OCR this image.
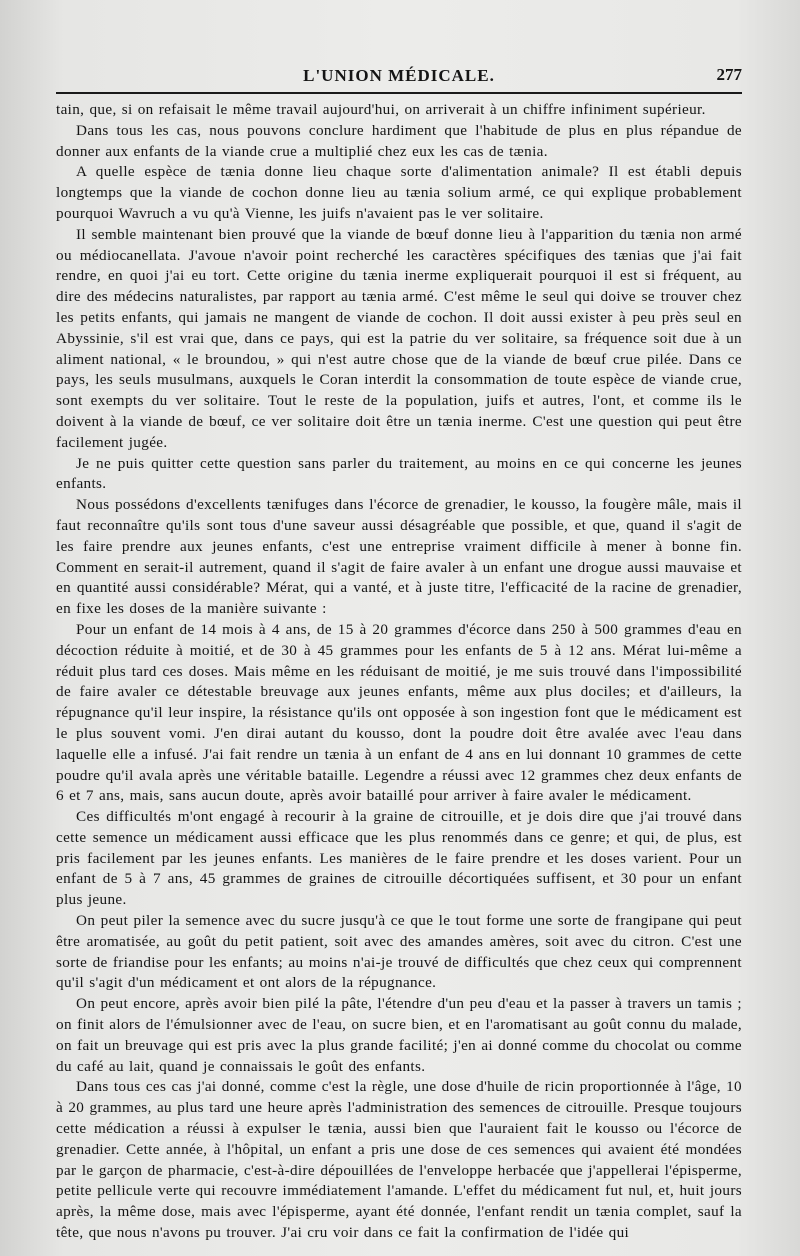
L'UNION MÉDICALE.	277

tain, que, si on refaisait le même travail aujourd'hui, on arriverait à un chiffre infiniment supérieur.

Dans tous les cas, nous pouvons conclure hardiment que l'habitude de plus en plus répandue de donner aux enfants de la viande crue a multiplié chez eux les cas de tænia.

A quelle espèce de tænia donne lieu chaque sorte d'alimentation animale? Il est établi depuis longtemps que la viande de cochon donne lieu au tænia solium armé, ce qui explique probablement pourquoi Wavruch a vu qu'à Vienne, les juifs n'avaient pas le ver solitaire.

Il semble maintenant bien prouvé que la viande de bœuf donne lieu à l'apparition du tænia non armé ou médiocanellata. J'avoue n'avoir point recherché les caractères spécifiques des tænias que j'ai fait rendre, en quoi j'ai eu tort. Cette origine du tænia inerme expliquerait pourquoi il est si fréquent, au dire des médecins naturalistes, par rapport au tænia armé. C'est même le seul qui doive se trouver chez les petits enfants, qui jamais ne mangent de viande de cochon. Il doit aussi exister à peu près seul en Abyssinie, s'il est vrai que, dans ce pays, qui est la patrie du ver solitaire, sa fréquence soit due à un aliment national, « le broundou, » qui n'est autre chose que de la viande de bœuf crue pilée. Dans ce pays, les seuls musulmans, auxquels le Coran interdit la consommation de toute espèce de viande crue, sont exempts du ver solitaire. Tout le reste de la population, juifs et autres, l'ont, et comme ils le doivent à la viande de bœuf, ce ver solitaire doit être un tænia inerme. C'est une question qui peut être facilement jugée.

Je ne puis quitter cette question sans parler du traitement, au moins en ce qui concerne les jeunes enfants.

Nous possédons d'excellents tænifuges dans l'écorce de grenadier, le kousso, la fougère mâle, mais il faut reconnaître qu'ils sont tous d'une saveur aussi désagréable que possible, et que, quand il s'agit de les faire prendre aux jeunes enfants, c'est une entreprise vraiment difficile à mener à bonne fin. Comment en serait-il autrement, quand il s'agit de faire avaler à un enfant une drogue aussi mauvaise et en quantité aussi considérable? Mérat, qui a vanté, et à juste titre, l'efficacité de la racine de grenadier, en fixe les doses de la manière suivante :

Pour un enfant de 14 mois à 4 ans, de 15 à 20 grammes d'écorce dans 250 à 500 grammes d'eau en décoction réduite à moitié, et de 30 à 45 grammes pour les enfants de 5 à 12 ans. Mérat lui-même a réduit plus tard ces doses. Mais même en les réduisant de moitié, je me suis trouvé dans l'impossibilité de faire avaler ce détestable breuvage aux jeunes enfants, même aux plus dociles; et d'ailleurs, la répugnance qu'il leur inspire, la résistance qu'ils ont opposée à son ingestion font que le médicament est le plus souvent vomi. J'en dirai autant du kousso, dont la poudre doit être avalée avec l'eau dans laquelle elle a infusé. J'ai fait rendre un tænia à un enfant de 4 ans en lui donnant 10 grammes de cette poudre qu'il avala après une véritable bataille. Legendre a réussi avec 12 grammes chez deux enfants de 6 et 7 ans, mais, sans aucun doute, après avoir bataillé pour arriver à faire avaler le médicament.

Ces difficultés m'ont engagé à recourir à la graine de citrouille, et je dois dire que j'ai trouvé dans cette semence un médicament aussi efficace que les plus renommés dans ce genre; et qui, de plus, est pris facilement par les jeunes enfants. Les manières de le faire prendre et les doses varient. Pour un enfant de 5 à 7 ans, 45 grammes de graines de citrouille décortiquées suffisent, et 30 pour un enfant plus jeune.

On peut piler la semence avec du sucre jusqu'à ce que le tout forme une sorte de frangipane qui peut être aromatisée, au goût du petit patient, soit avec des amandes amères, soit avec du citron. C'est une sorte de friandise pour les enfants; au moins n'ai-je trouvé de difficultés que chez ceux qui comprennent qu'il s'agit d'un médicament et ont alors de la répugnance.

On peut encore, après avoir bien pilé la pâte, l'étendre d'un peu d'eau et la passer à travers un tamis ; on finit alors de l'émulsionner avec de l'eau, on sucre bien, et en l'aromatisant au goût connu du malade, on fait un breuvage qui est pris avec la plus grande facilité; j'en ai donné comme du chocolat ou comme du café au lait, quand je connaissais le goût des enfants.

Dans tous ces cas j'ai donné, comme c'est la règle, une dose d'huile de ricin proportionnée à l'âge, 10 à 20 grammes, au plus tard une heure après l'administration des semences de citrouille. Presque toujours cette médication a réussi à expulser le tænia, aussi bien que l'auraient fait le kousso ou l'écorce de grenadier. Cette année, à l'hôpital, un enfant a pris une dose de ces semences qui avaient été mondées par le garçon de pharmacie, c'est-à-dire dépouillées de l'enveloppe herbacée que j'appellerai l'épisperme, petite pellicule verte qui recouvre immédiatement l'amande. L'effet du médicament fut nul, et, huit jours après, la même dose, mais avec l'épisperme, ayant été donnée, l'enfant rendit un tænia complet, sauf la tête, que nous n'avons pu trouver. J'ai cru voir dans ce fait la confirmation de l'idée qui
